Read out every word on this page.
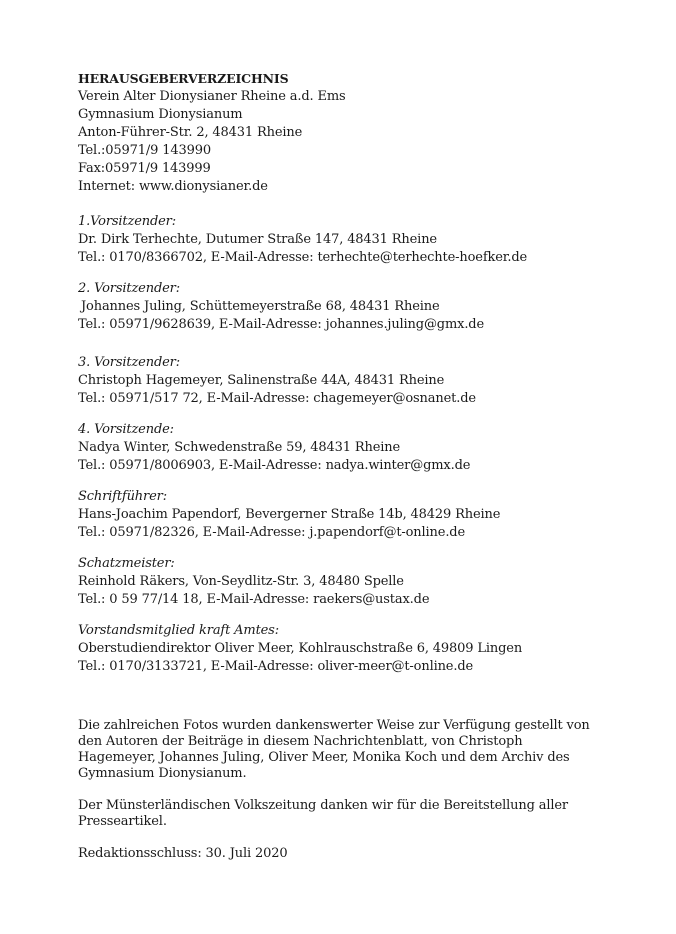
HERAUSGEBERVERZEICHNIS
Verein Alter Dionysianer Rheine a.d. Ems
Gymnasium Dionysianum
Anton-Führer-Str. 2, 48431 Rheine
Tel.:05971/9 143990
Fax:05971/9 143999
Internet: www.dionysianer.de
1.Vorsitzender:
Dr. Dirk Terhechte, Dutumer Straße 147, 48431 Rheine
Tel.: 0170/8366702, E-Mail-Adresse: terhechte@terhechte-hoefker.de
2. Vorsitzender:
Johannes Juling, Schüttemeyerstraße 68, 48431 Rheine
Tel.: 05971/9628639, E-Mail-Adresse: johannes.juling@gmx.de
3. Vorsitzender:
Christoph Hagemeyer, Salinenstraße 44A, 48431 Rheine
Tel.: 05971/517 72, E-Mail-Adresse: chagemeyer@osnanet.de
4. Vorsitzende:
Nadya Winter, Schwedenstraße 59, 48431 Rheine
Tel.: 05971/8006903, E-Mail-Adresse: nadya.winter@gmx.de
Schriftführer:
Hans-Joachim Papendorf, Bevergerner Straße 14b, 48429 Rheine
Tel.: 05971/82326, E-Mail-Adresse: j.papendorf@t-online.de
Schatzmeister:
Reinhold Räkers, Von-Seydlitz-Str. 3, 48480 Spelle
Tel.: 0 59 77/14 18, E-Mail-Adresse: raekers@ustax.de
Vorstandsmitglied kraft Amtes:
Oberstudiendirektor Oliver Meer, Kohlrauschstraße 6, 49809 Lingen
Tel.: 0170/3133721, E-Mail-Adresse: oliver-meer@t-online.de
Die zahlreichen Fotos wurden dankenswerter Weise zur Verfügung gestellt von den Autoren der Beiträge in diesem Nachrichtenblatt, von Christoph Hagemeyer, Johannes Juling, Oliver Meer, Monika Koch und dem Archiv des Gymnasium Dionysianum.
Der Münsterländischen Volkszeitung danken wir für die Bereitstellung aller Presseartikel.
Redaktionsschluss: 30. Juli 2020
